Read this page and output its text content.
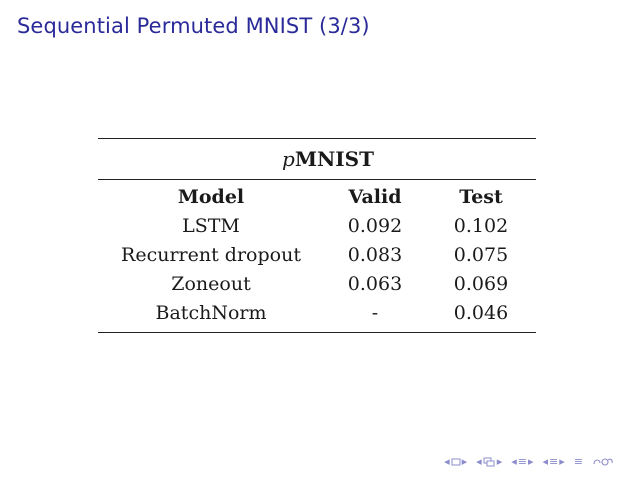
Sequential Permuted MNIST (3/3)
pMNIST
Model	Valid	Test
LSTM	0.092	0.102
Recurrent dropout	0.083	0.075
Zoneout	0.063	0.069
BatchNorm	-	0.046
◂ ▸ ◂ ▸ ◂ ≡ ▸ ◂ ≡ ▸ ≡
